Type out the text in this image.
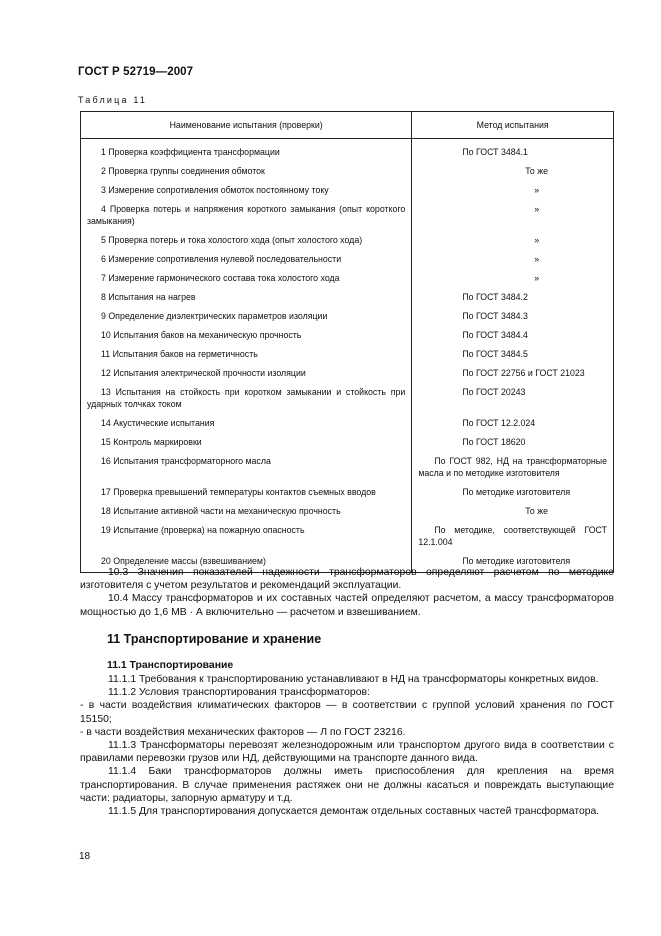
ГОСТ Р 52719—2007
Таблица 11
Наименование испытания (проверки)	Метод испытания

1 Проверка коэффициента трансформации	По ГОСТ 3484.1

2 Проверка группы соединения обмоток	То же

3 Измерение сопротивления обмоток постоянному току	»

4 Проверка потерь и напряжения короткого замыкания (опыт короткого замыкания)	»

5 Проверка потерь и тока холостого хода (опыт холостого хода)	»

6 Измерение сопротивления нулевой последовательности	»

7 Измерение гармонического состава тока холостого хода	»

8 Испытания на нагрев	По ГОСТ 3484.2

9 Определение диэлектрических параметров изоляции	По ГОСТ 3484.3

10 Испытания баков на механическую прочность	По ГОСТ 3484.4

11 Испытания баков на герметичность	По ГОСТ 3484.5

12 Испытания электрической прочности изоляции	По ГОСТ 22756 и ГОСТ 21023

13 Испытания на стойкость при коротком замыкании и стойкость при ударных толчках током	По ГОСТ 20243

14 Акустические испытания	По ГОСТ 12.2.024

15 Контроль маркировки	По ГОСТ 18620

16 Испытания трансформаторного масла	По ГОСТ 982, НД на трансформаторные масла и по методике изготовителя

17 Проверка превышений температуры контактов съемных вводов	По методике изготовителя

18 Испытание активной части на механическую прочность	То же

19 Испытание (проверка) на пожарную опасность	По методике, соответствующей ГОСТ 12.1.004

20 Определение массы (взвешиванием)	По методике изготовителя

10.3 Значения показателей надежности трансформаторов определяют расчетом по методике изготовителя с учетом результатов и рекомендаций эксплуатации.

10.4 Массу трансформаторов и их составных частей определяют расчетом, а массу трансформаторов мощностью до 1,6 МВ · А включительно — расчетом и взвешиванием.

11 Транспортирование и хранение
11.1 Транспортирование

11.1.1 Требования к транспортированию устанавливают в НД на трансформаторы конкретных видов.

11.1.2 Условия транспортирования трансформаторов:

- в части воздействия климатических факторов — в соответствии с группой условий хранения по ГОСТ 15150;

- в части воздействия механических факторов — Л по ГОСТ 23216.

11.1.3 Трансформаторы перевозят железнодорожным или транспортом другого вида в соответствии с правилами перевозки грузов или НД, действующими на транспорте данного вида.

11.1.4 Баки трансформаторов должны иметь приспособления для крепления на время транспортирования. В случае применения растяжек они не должны касаться и повреждать выступающие части: радиаторы, запорную арматуру и т.д.

11.1.5 Для транспортирования допускается демонтаж отдельных составных частей трансформатора.

18
